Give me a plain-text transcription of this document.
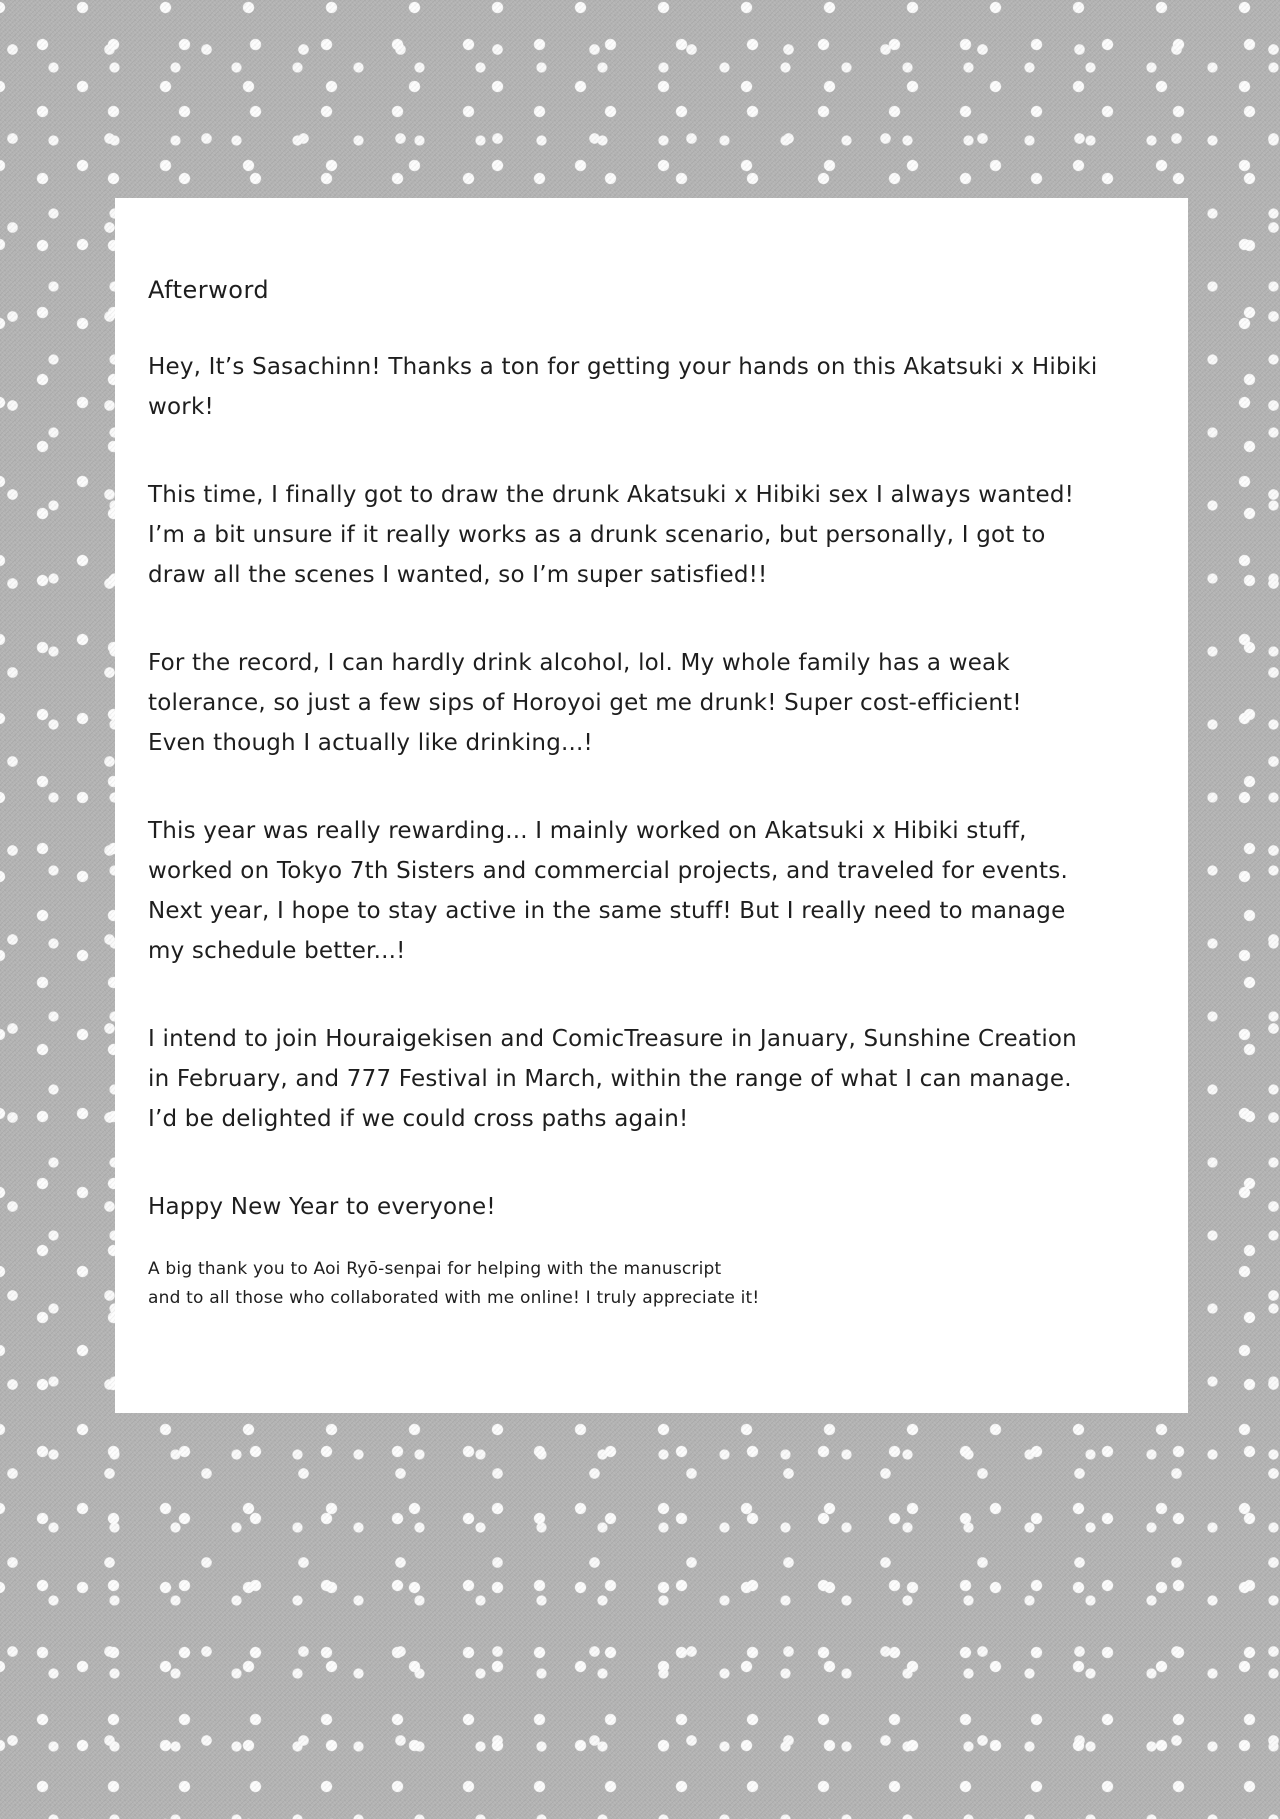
Afterword
Hey, It’s Sasachinn! Thanks a ton for getting your hands on this Akatsuki x Hibiki
work!
This time, I finally got to draw the drunk Akatsuki x Hibiki sex I always wanted!
I’m a bit unsure if it really works as a drunk scenario, but personally, I got to
draw all the scenes I wanted, so I’m super satisfied!!
For the record, I can hardly drink alcohol, lol. My whole family has a weak
tolerance, so just a few sips of Horoyoi get me drunk! Super cost-efficient!
Even though I actually like drinking...!
This year was really rewarding... I mainly worked on Akatsuki x Hibiki stuff,
worked on Tokyo 7th Sisters and commercial projects, and traveled for events.
Next year, I hope to stay active in the same stuff! But I really need to manage
my schedule better...!
I intend to join Houraigekisen and ComicTreasure in January, Sunshine Creation
in February, and 777 Festival in March, within the range of what I can manage.
I’d be delighted if we could cross paths again!
Happy New Year to everyone!
A big thank you to Aoi Ryō-senpai for helping with the manuscript
and to all those who collaborated with me online! I truly appreciate it!
